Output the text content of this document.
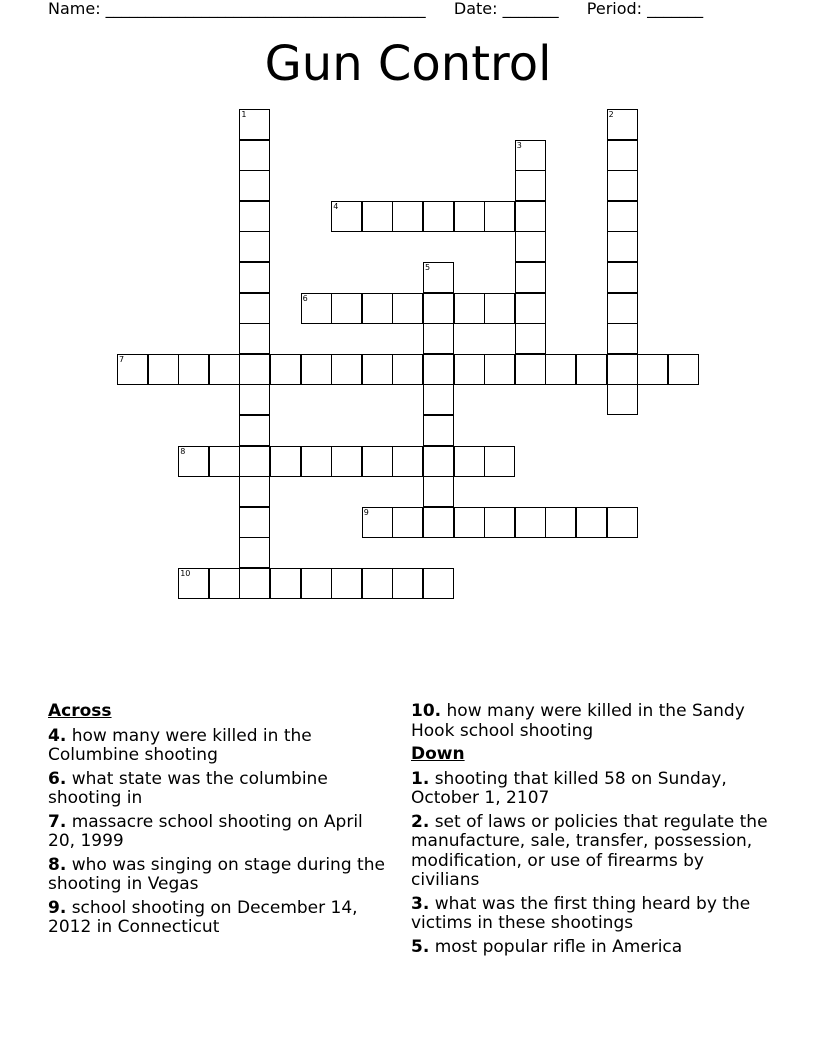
Name: ________________________________________ Date: _______ Period: _______
Gun Control
1	2
3
4
5
6
7
8
9
10
Across
4. how many were killed in the Columbine shooting
6. what state was the columbine shooting in
7. massacre school shooting on April 20, 1999
8. who was singing on stage during the shooting in Vegas
9. school shooting on December 14, 2012 in Connecticut
10. how many were killed in the Sandy Hook school shooting
Down
1. shooting that killed 58 on Sunday, October 1, 2107
2. set of laws or policies that regulate the manufacture, sale, transfer, possession, modification, or use of firearms by civilians
3. what was the first thing heard by the victims in these shootings
5. most popular rifle in America
